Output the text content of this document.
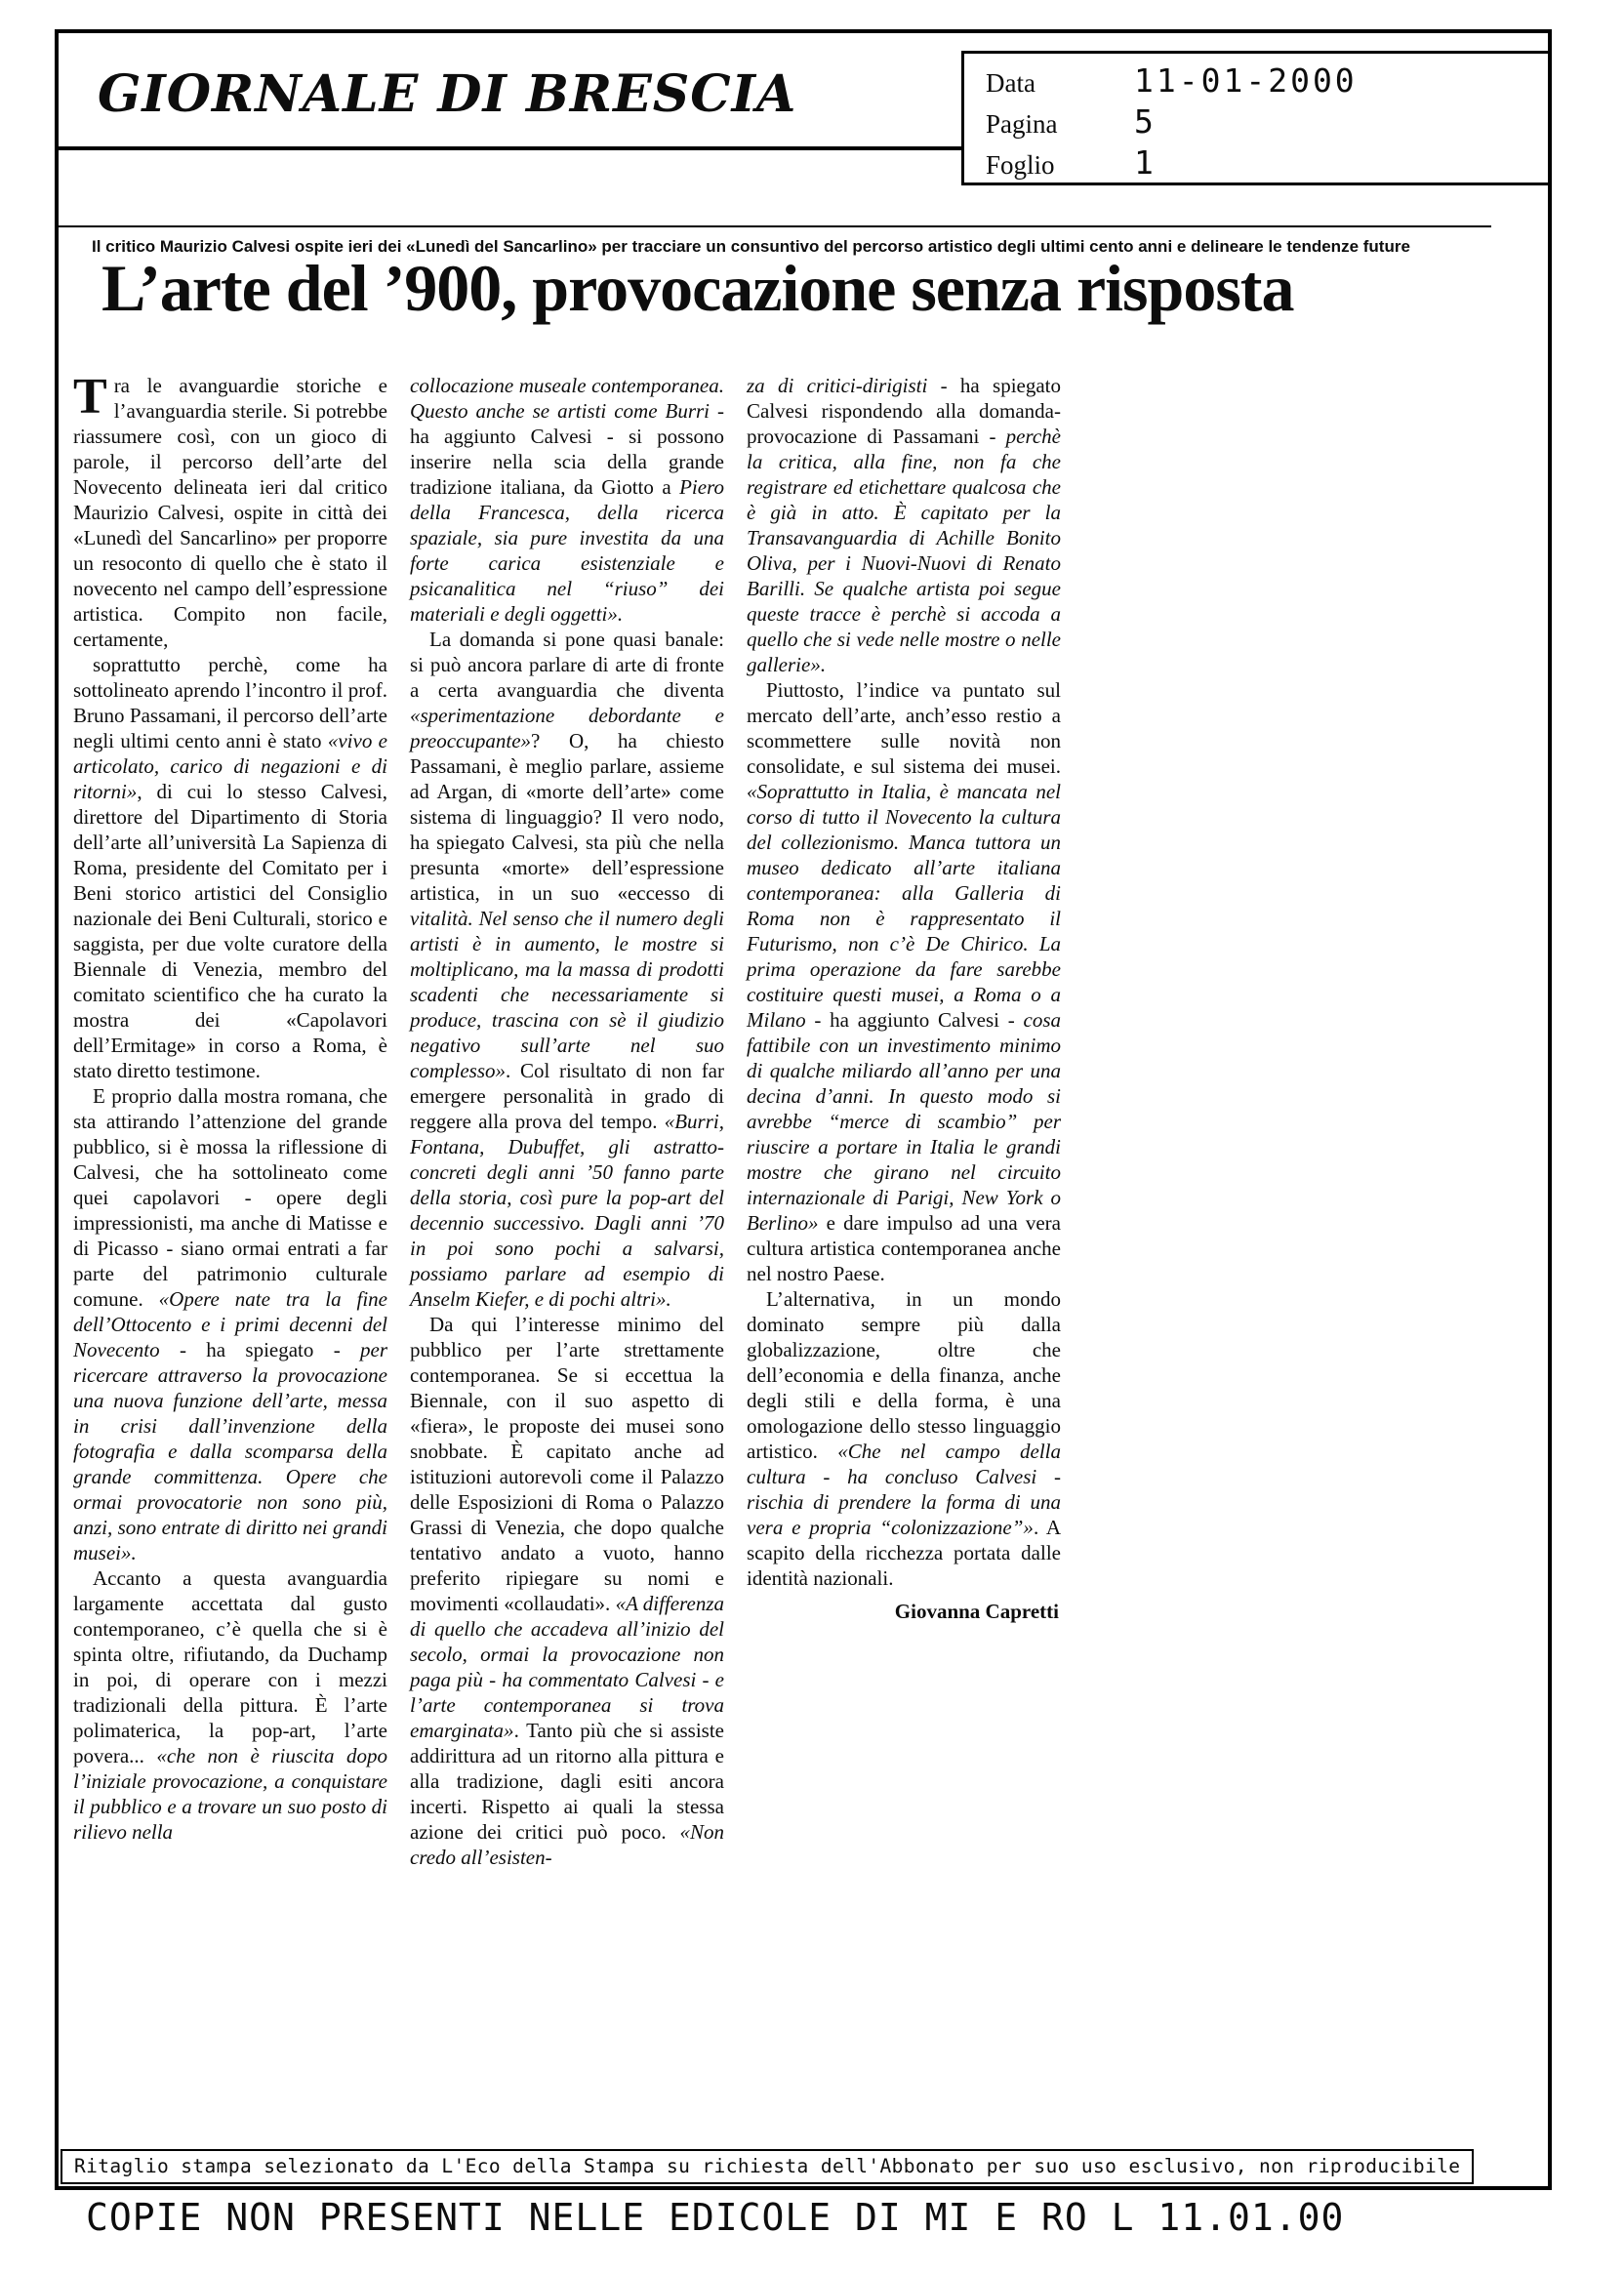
GIORNALE DI BRESCIA	Data	11-01-2000
Pagina	5
Foglio	1
Il critico Maurizio Calvesi ospite ieri dei «Lunedì del Sancarlino» per tracciare un consuntivo del percorso artistico degli ultimi cento anni e delineare le tendenze future
L’arte del ’900, provocazione senza risposta

Tra le avanguardie storiche e l’avanguardia sterile. Si potrebbe riassumere così, con un gioco di parole, il percorso dell’arte del Novecento delineata ieri dal critico Maurizio Calvesi, ospite in città dei «Lunedì del Sancarlino» per proporre un resoconto di quello che è stato il novecento nel campo dell’espressione artistica. Compito non facile, certamente,

soprattutto perchè, come ha sottolineato aprendo l’incontro il prof. Bruno Passamani, il percorso dell’arte negli ultimi cento anni è stato «vivo e articolato, carico di negazioni e di ritorni», di cui lo stesso Calvesi, direttore del Dipartimento di Storia dell’arte all’università La Sapienza di Roma, presidente del Comitato per i Beni storico artistici del Consiglio nazionale dei Beni Culturali, storico e saggista, per due volte curatore della Biennale di Venezia, membro del comitato scientifico che ha curato la mostra dei «Capolavori dell’Ermitage» in corso a Roma, è stato diretto testimone.

E proprio dalla mostra romana, che sta attirando l’attenzione del grande pubblico, si è mossa la riflessione di Calvesi, che ha sottolineato come quei capolavori - opere degli impressionisti, ma anche di Matisse e di Picasso - siano ormai entrati a far parte del patrimonio culturale comune. «Opere nate tra la fine dell’Ottocento e i primi decenni del Novecento - ha spiegato - per ricercare attraverso la provocazione una nuova funzione dell’arte, messa in crisi dall’invenzione della fotografia e dalla scomparsa della grande committenza. Opere che ormai provocatorie non sono più, anzi, sono entrate di diritto nei grandi musei».

Accanto a questa avanguardia largamente accettata dal gusto contemporaneo, c’è quella che si è spinta oltre, rifiutando, da Duchamp in poi, di operare con i mezzi tradizionali della pittura. È l’arte polimaterica, la pop-art, l’arte povera... «che non è riuscita dopo l’iniziale provocazione, a conquistare il pubblico e a trovare un suo posto di rilievo nella

collocazione museale contemporanea. Questo anche se artisti come Burri - ha aggiunto Calvesi - si possono inserire nella scia della grande tradizione italiana, da Giotto a Piero della Francesca, della ricerca spaziale, sia pure investita da una forte carica esistenziale e psicanalitica nel “riuso” dei materiali e degli oggetti».

La domanda si pone quasi banale: si può ancora parlare di arte di fronte a certa avanguardia che diventa «sperimentazione debordante e preoccupante»? O, ha chiesto Passamani, è meglio parlare, assieme ad Argan, di «morte dell’arte» come sistema di linguaggio? Il vero nodo, ha spiegato Calvesi, sta più che nella presunta «morte» dell’espressione artistica, in un suo «eccesso di vitalità. Nel senso che il numero degli artisti è in aumento, le mostre si moltiplicano, ma la massa di prodotti scadenti che necessariamente si produce, trascina con sè il giudizio negativo sull’arte nel suo complesso». Col risultato di non far emergere personalità in grado di reggere alla prova del tempo. «Burri, Fontana, Dubuffet, gli astratto-concreti degli anni ’50 fanno parte della storia, così pure la pop-art del decennio successivo. Dagli anni ’70 in poi sono pochi a salvarsi, possiamo parlare ad esempio di Anselm Kiefer, e di pochi altri».

Da qui l’interesse minimo del pubblico per l’arte strettamente contemporanea. Se si eccettua la Biennale, con il suo aspetto di «fiera», le proposte dei musei sono snobbate. È capitato anche ad istituzioni autorevoli come il Palazzo delle Esposizioni di Roma o Palazzo Grassi di Venezia, che dopo qualche tentativo andato a vuoto, hanno preferito ripiegare su nomi e movimenti «collaudati». «A differenza di quello che accadeva all’inizio del secolo, ormai la provocazione non paga più - ha commentato Calvesi - e l’arte contemporanea si trova emarginata». Tanto più che si assiste addirittura ad un ritorno alla pittura e alla tradizione, dagli esiti ancora incerti. Rispetto ai quali la stessa azione dei critici può poco. «Non credo all’esisten-

za di critici-dirigisti - ha spiegato Calvesi rispondendo alla domanda-provocazione di Passamani - perchè la critica, alla fine, non fa che registrare ed etichettare qualcosa che è già in atto. È capitato per la Transavanguardia di Achille Bonito Oliva, per i Nuovi-Nuovi di Renato Barilli. Se qualche artista poi segue queste tracce è perchè si accoda a quello che si vede nelle mostre o nelle gallerie».

Piuttosto, l’indice va puntato sul mercato dell’arte, anch’esso restio a scommettere sulle novità non consolidate, e sul sistema dei musei. «Soprattutto in Italia, è mancata nel corso di tutto il Novecento la cultura del collezionismo. Manca tuttora un museo dedicato all’arte italiana contemporanea: alla Galleria di Roma non è rappresentato il Futurismo, non c’è De Chirico. La prima operazione da fare sarebbe costituire questi musei, a Roma o a Milano - ha aggiunto Calvesi - cosa fattibile con un investimento minimo di qualche miliardo all’anno per una decina d’anni. In questo modo si avrebbe “merce di scambio” per riuscire a portare in Italia le grandi mostre che girano nel circuito internazionale di Parigi, New York o Berlino» e dare impulso ad una vera cultura artistica contemporanea anche nel nostro Paese.

L’alternativa, in un mondo dominato sempre più dalla globalizzazione, oltre che dell’economia e della finanza, anche degli stili e della forma, è una omologazione dello stesso linguaggio artistico. «Che nel campo della cultura - ha concluso Calvesi - rischia di prendere la forma di una vera e propria “colonizzazione”». A scapito della ricchezza portata dalle identità nazionali.

Giovanna Capretti

Ritaglio stampa selezionato da L'Eco della Stampa su richiesta dell'Abbonato per suo uso esclusivo, non riproducibile
COPIE NON PRESENTI NELLE EDICOLE DI MI E RO L 11.01.00
